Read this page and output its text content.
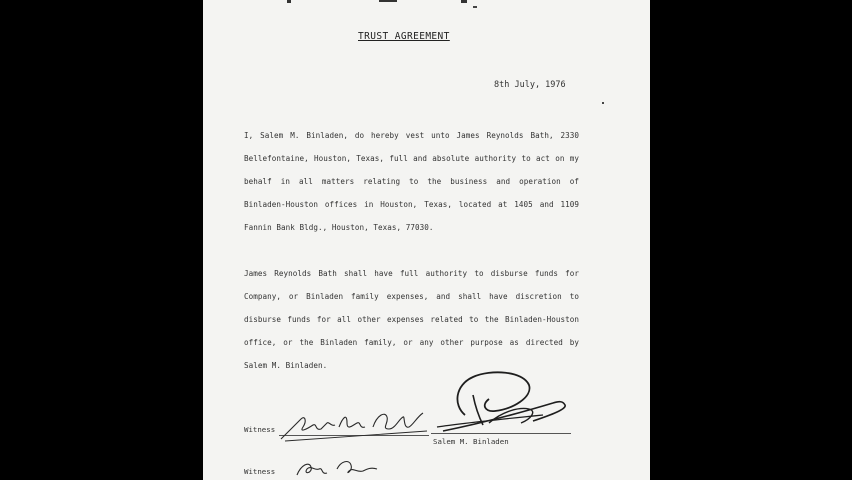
TRUST AGREEMENT
8th July, 1976
I, Salem M. Binladen, do hereby vest unto James Reynolds Bath, 2330 Bellefontaine, Houston, Texas, full and absolute authority to act on my behalf in all matters relating to the business and operation of Binladen-Houston offices in Houston, Texas, located at 1405 and 1109 Fannin Bank Bldg., Houston, Texas, 77030.
James Reynolds Bath shall have full authority to disburse funds for Company, or Binladen family expenses, and shall have discretion to disburse funds for all other expenses related to the Binladen-Houston office, or the Binladen family, or any other purpose as directed by Salem M. Binladen.
Witness
Salem M. Binladen
Witness
